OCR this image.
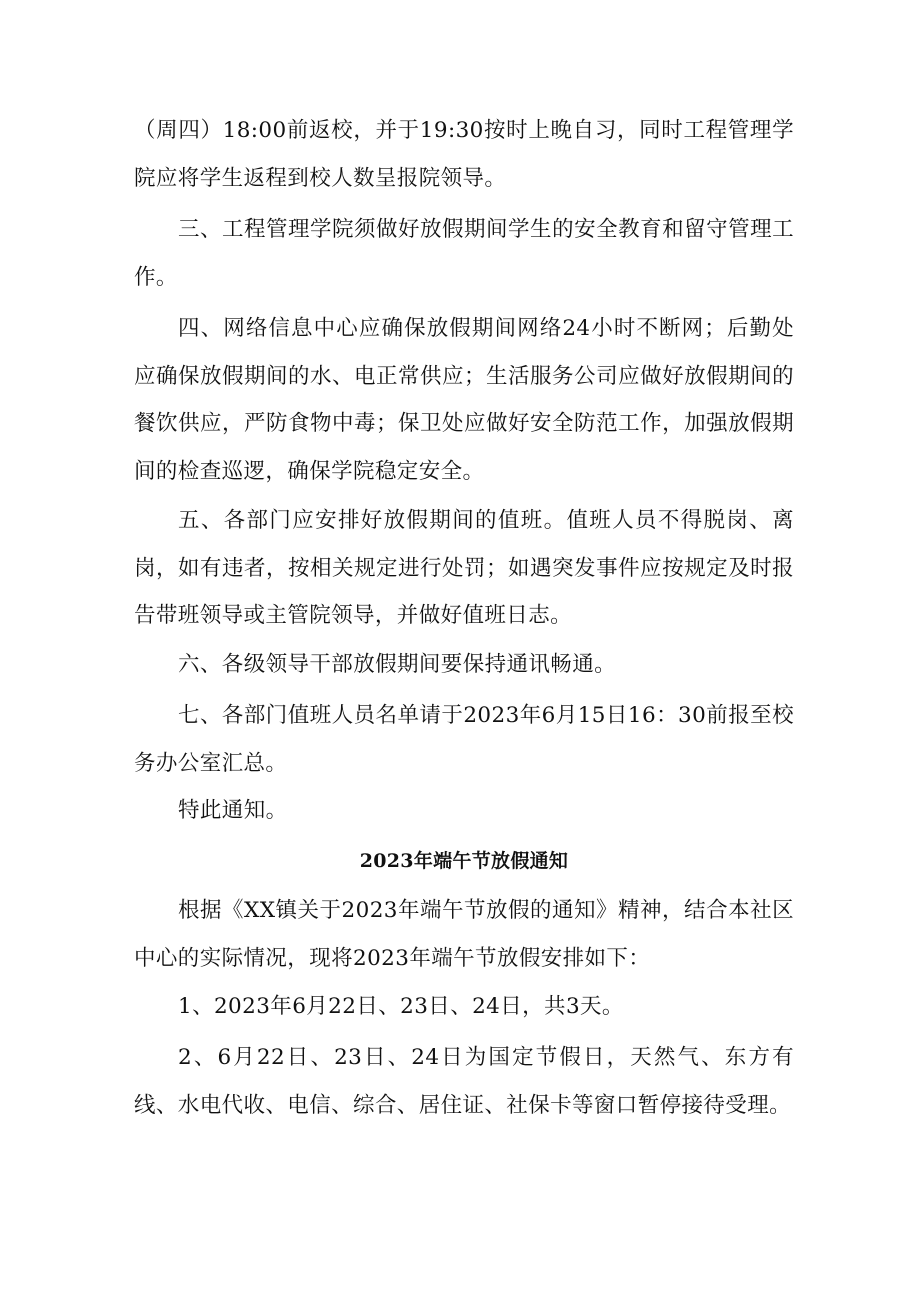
（周四）18:00前返校，并于19:30按时上晚自习，同时工程管理学院应将学生返程到校人数呈报院领导。

三、工程管理学院须做好放假期间学生的安全教育和留守管理工作。

四、网络信息中心应确保放假期间网络24小时不断网；后勤处应确保放假期间的水、电正常供应；生活服务公司应做好放假期间的餐饮供应，严防食物中毒；保卫处应做好安全防范工作，加强放假期间的检查巡逻，确保学院稳定安全。

五、各部门应安排好放假期间的值班。值班人员不得脱岗、离岗，如有违者，按相关规定进行处罚；如遇突发事件应按规定及时报告带班领导或主管院领导，并做好值班日志。

六、各级领导干部放假期间要保持通讯畅通。

七、各部门值班人员名单请于2023年6月15日16：30前报至校务办公室汇总。

特此通知。

2023年端午节放假通知

根据《XX镇关于2023年端午节放假的通知》精神，结合本社区中心的实际情况，现将2023年端午节放假安排如下：

1、2023年6月22日、23日、24日，共3天。

2、6月22日、23日、24日为国定节假日，天然气、东方有线、水电代收、电信、综合、居住证、社保卡等窗口暂停接待受理。
